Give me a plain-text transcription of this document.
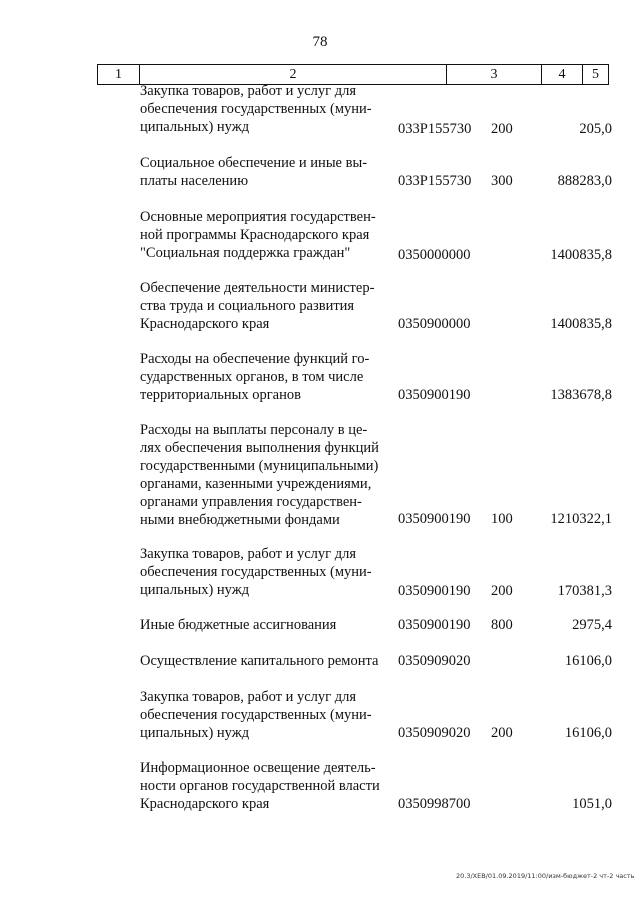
78
1	2	3	4	5
Закупка товаров, работ и услуг для
обеспечения государственных (муни-
ципальных) нужд	033P155730 200	205,0
Социальное обеспечение и иные вы-
платы населению	033P155730 300	888283,0
Основные мероприятия государствен-
ной программы Краснодарского края
"Социальная поддержка граждан"	0350000000	1400835,8
Обеспечение деятельности министер-
ства труда и социального развития
Краснодарского края	0350900000	1400835,8
Расходы на обеспечение функций го-
сударственных органов, в том числе
территориальных органов	0350900190	1383678,8
Расходы на выплаты персоналу в це-
лях обеспечения выполнения функций
государственными (муниципальными)
органами, казенными учреждениями,
органами управления государствен-
ными внебюджетными фондами	0350900190 100	1210322,1
Закупка товаров, работ и услуг для
обеспечения государственных (муни-
ципальных) нужд	0350900190 200	170381,3
Иные бюджетные ассигнования	0350900190 800	2975,4
Осуществление капитального ремонта	0350909020	16106,0
Закупка товаров, работ и услуг для
обеспечения государственных (муни-
ципальных) нужд	0350909020 200	16106,0
Информационное освещение деятель-
ности органов государственной власти
Краснодарского края	0350998700	1051,0
20.3/ХЕВ/01.09.2019/11:00/изм-бюджет-2 чт-2 часть
